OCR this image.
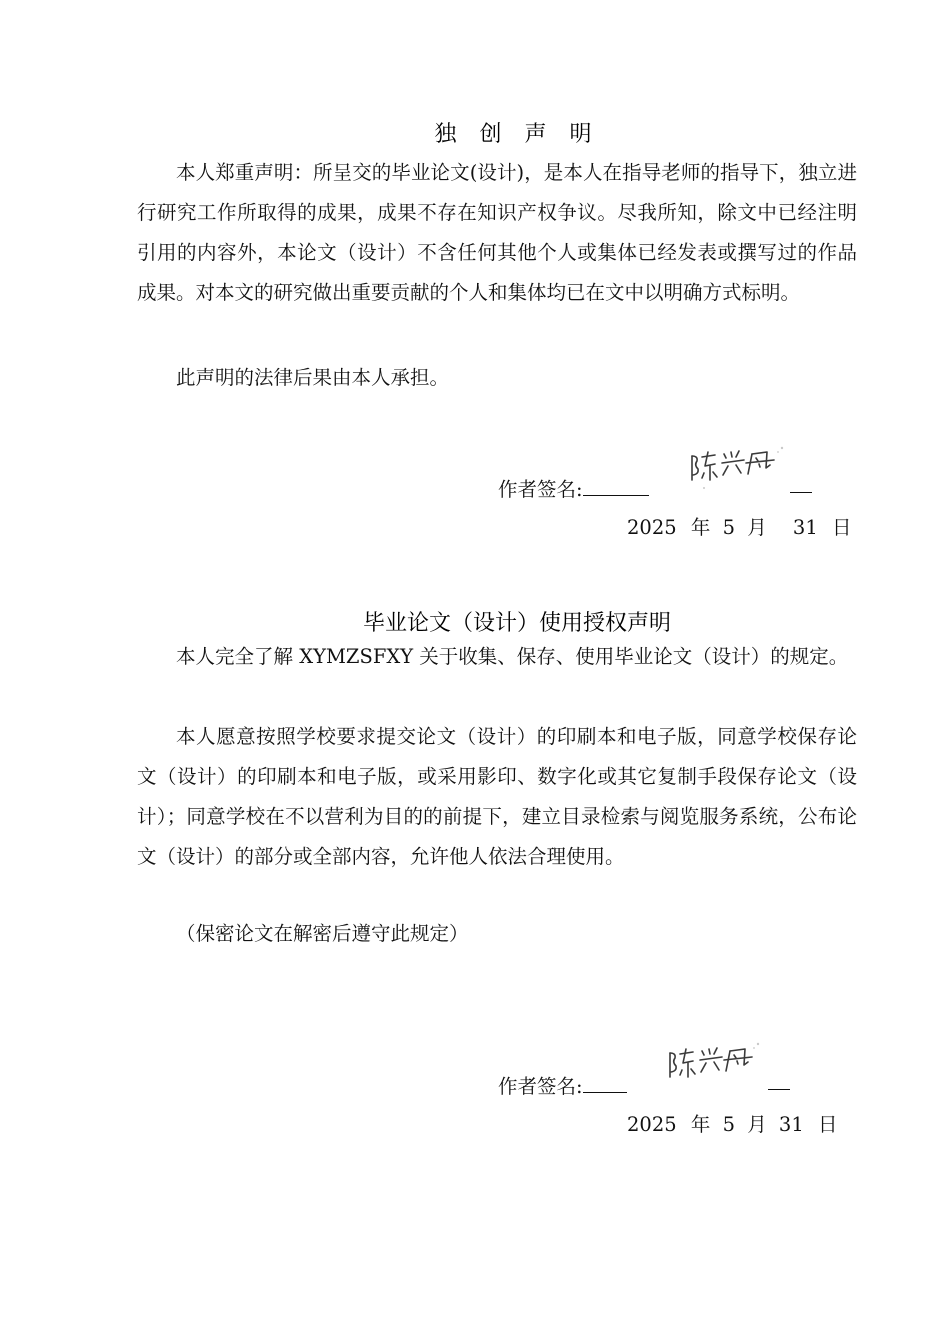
独 创 声 明

本人郑重声明：所呈交的毕业论文(设计)，是本人在指导老师的指导下，独立进行研究工作所取得的成果，成果不存在知识产权争议。尽我所知，除文中已经注明引用的内容外，本论文（设计）不含任何其他个人或集体已经发表或撰写过的作品成果。对本文的研究做出重要贡献的个人和集体均已在文中以明确方式标明。

此声明的法律后果由本人承担。

作者签名:
2025 年 5 月 31 日
毕业论文（设计）使用授权声明

本人完全了解 XYMZSFXY 关于收集、保存、使用毕业论文（设计）的规定。

本人愿意按照学校要求提交论文（设计）的印刷本和电子版，同意学校保存论文（设计）的印刷本和电子版，或采用影印、数字化或其它复制手段保存论文（设计）；同意学校在不以营利为目的的前提下，建立目录检索与阅览服务系统，公布论文（设计）的部分或全部内容，允许他人依法合理使用。

（保密论文在解密后遵守此规定）
作者签名:
2025 年 5 月 31 日
